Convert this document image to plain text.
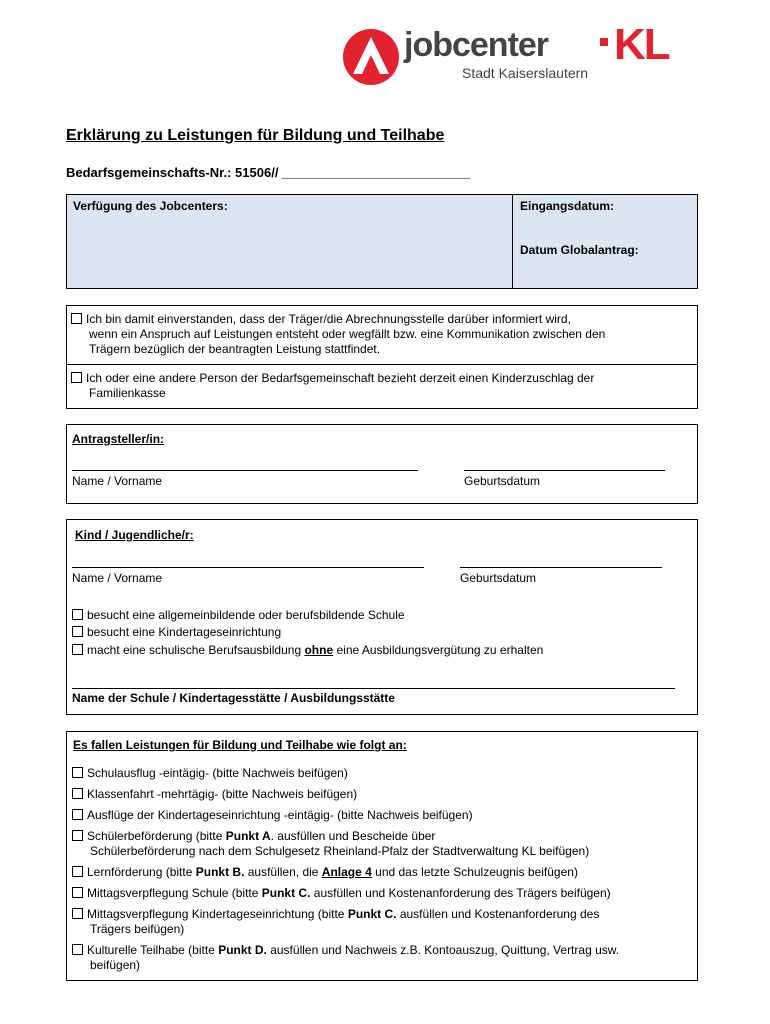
jobcenter
Stadt Kaiserslautern
KL
Erklärung zu Leistungen für Bildung und Teilhabe
Bedarfsgemeinschafts-Nr.: 51506// __________________________
Verfügung des Jobcenters:	Eingangsdatum:
Datum Globalantrag:
Ich bin damit einverstanden, dass der Träger/die Abrechnungsstelle darüber informiert wird,
wenn ein Anspruch auf Leistungen entsteht oder wegfällt bzw. eine Kommunikation zwischen den
Trägern bezüglich der beantragten Leistung stattfindet.
Ich oder eine andere Person der Bedarfsgemeinschaft bezieht derzeit einen Kinderzuschlag der
Familienkasse
Antragsteller/in:
Name / Vorname	Geburtsdatum
Kind / Jugendliche/r:
Name / Vorname	Geburtsdatum
besucht eine allgemeinbildende oder berufsbildende Schule
besucht eine Kindertageseinrichtung
macht eine schulische Berufsausbildung ohne eine Ausbildungsvergütung zu erhalten
Name der Schule / Kindertagesstätte / Ausbildungsstätte
Es fallen Leistungen für Bildung und Teilhabe wie folgt an:
Schulausflug -eintägig- (bitte Nachweis beifügen)
Klassenfahrt -mehrtägig- (bitte Nachweis beifügen)
Ausflüge der Kindertageseinrichtung -eintägig- (bitte Nachweis beifügen)
Schülerbeförderung (bitte Punkt A. ausfüllen und Bescheide über
Schülerbeförderung nach dem Schulgesetz Rheinland-Pfalz der Stadtverwaltung KL beifügen)
Lernförderung (bitte Punkt B. ausfüllen, die Anlage 4 und das letzte Schulzeugnis beifügen)
Mittagsverpflegung Schule (bitte Punkt C. ausfüllen und Kostenanforderung des Trägers beifügen)
Mittagsverpflegung Kindertageseinrichtung (bitte Punkt C. ausfüllen und Kostenanforderung des
Trägers beifügen)
Kulturelle Teilhabe (bitte Punkt D. ausfüllen und Nachweis z.B. Kontoauszug, Quittung, Vertrag usw.
beifügen)
